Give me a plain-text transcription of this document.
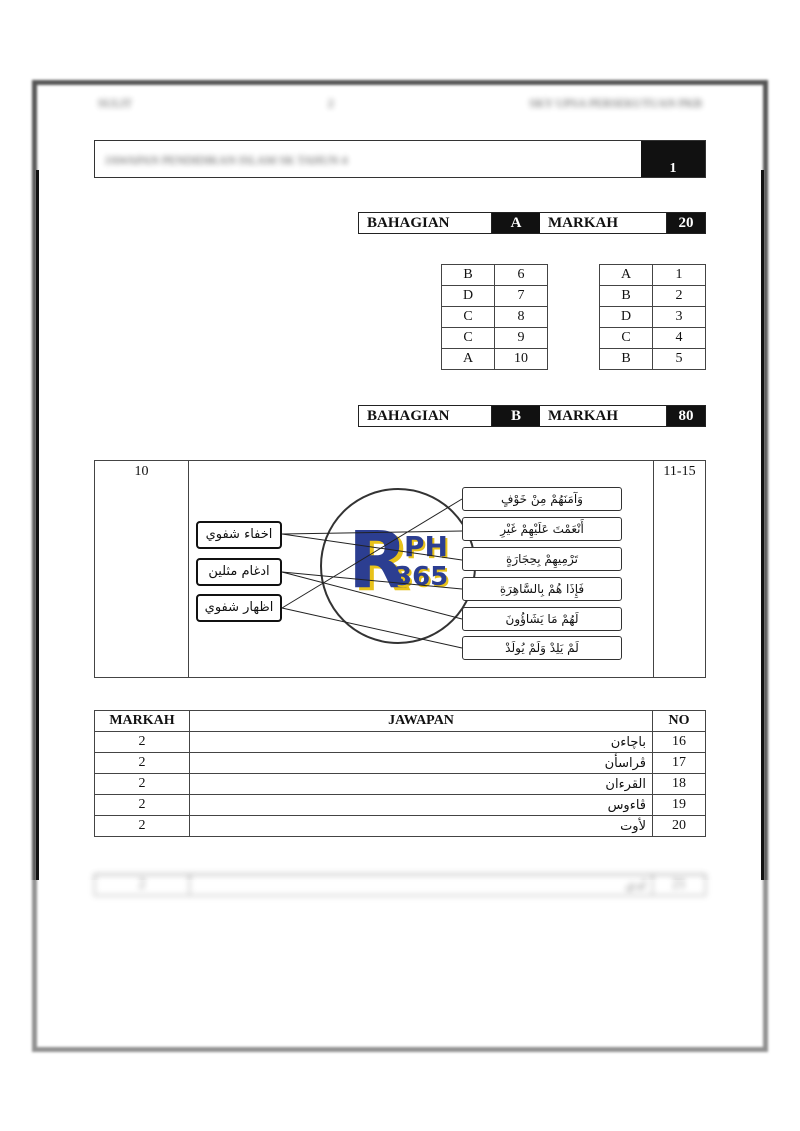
SULIT	2	SKY UPSA PERSEKUTUAN PKB
JAWAPAN PENDIDIKAN ISLAM SK TAHUN 4
1
BAHAGIAN	A	MARKAH	20
B	6
D	7
C	8
C	9
A	10
A	1
B	2
D	3
C	4
B	5
BAHAGIAN	B	MARKAH	80
10	11-15
R
PH
365
اخفاء شفوي
ادغام مثلين
اظهار شفوي
وَآمَنَهُمْ مِنْ خَوْفٍ
أَنْعَمْتَ عَلَيْهِمْ غَيْرِ
تَرْمِيهِمْ بِحِجَارَةٍ
فَإِذَا هُمْ بِالسَّاهِرَةِ
لَهُمْ مَا يَشَاؤُونَ
لَمْ يَلِدْ وَلَمْ يُولَدْ
MARKAH	JAWAPAN	NO
2	باچاءن	16
2	ڤراسأن	17
2	القرءان	18
2	ڤاءوس	19
2	لأوت	20
2	لدي	21
